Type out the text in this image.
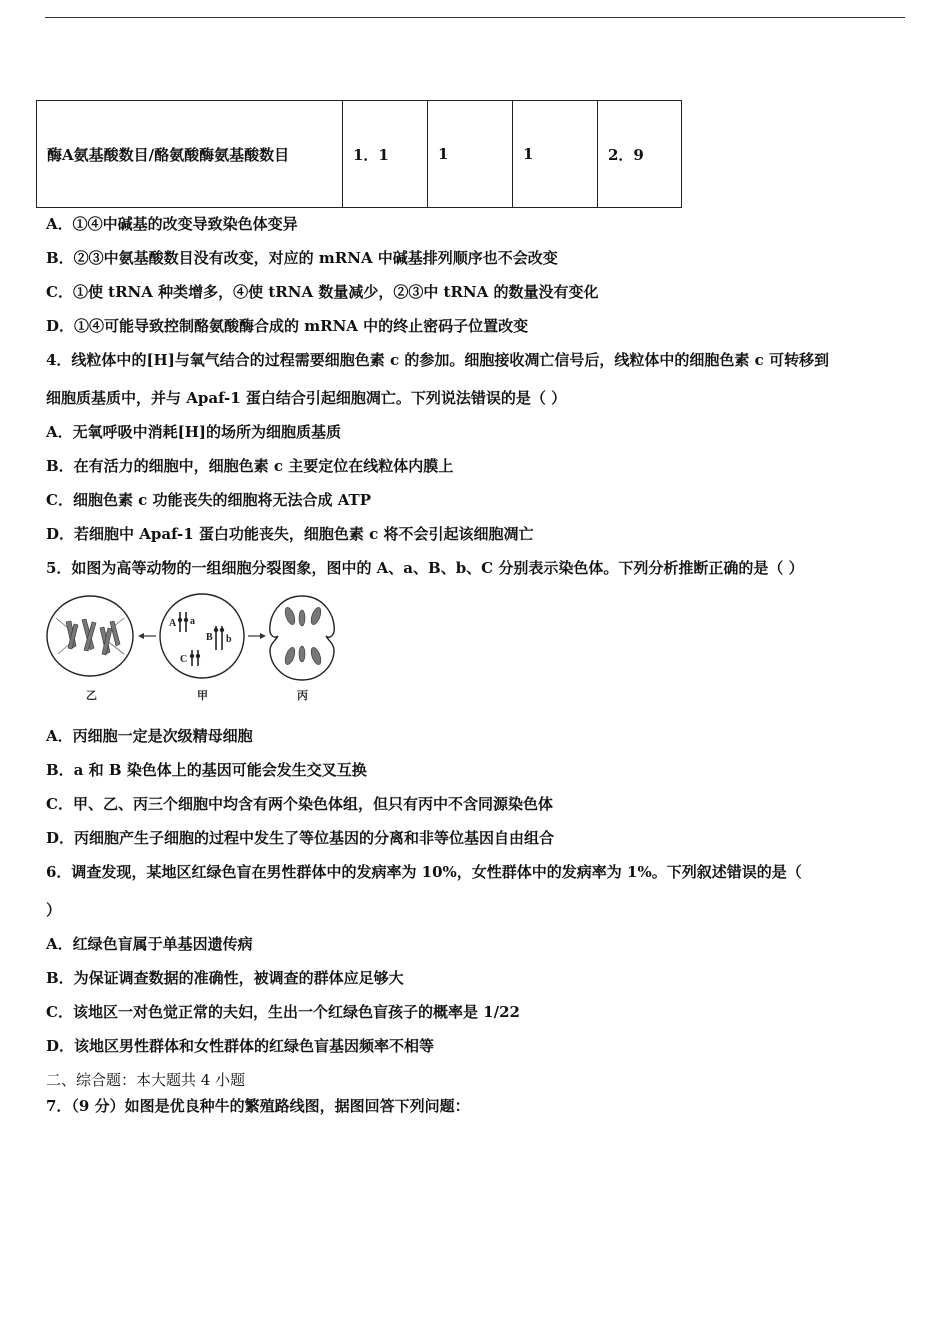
酶A氨基酸数目/酪氨酸酶氨基酸数目	1．1	1	1	2．9
A．①④中碱基的改变导致染色体变异
B．②③中氨基酸数目没有改变，对应的 mRNA 中碱基排列顺序也不会改变
C．①使 tRNA 种类增多，④使 tRNA 数量减少，②③中 tRNA 的数量没有变化
D．①④可能导致控制酪氨酸酶合成的 mRNA 中的终止密码子位置改变
4．线粒体中的[H]与氧气结合的过程需要细胞色素 c 的参加。细胞接收凋亡信号后，线粒体中的细胞色素 c 可转移到
细胞质基质中，并与 Apaf-1 蛋白结合引起细胞凋亡。下列说法错误的是（ ）
A．无氧呼吸中消耗[H]的场所为细胞质基质
B．在有活力的细胞中，细胞色素 c 主要定位在线粒体内膜上
C．细胞色素 c 功能丧失的细胞将无法合成 ATP
D．若细胞中 Apaf-1 蛋白功能丧失，细胞色素 c 将不会引起该细胞凋亡
5．如图为高等动物的一组细胞分裂图象，图中的 A、a、B、b、C 分别表示染色体。下列分析推断正确的是（ ）
A a
B b
C
乙	甲	丙
A．丙细胞一定是次级精母细胞
B．a 和 B 染色体上的基因可能会发生交叉互换
C．甲、乙、丙三个细胞中均含有两个染色体组，但只有丙中不含同源染色体
D．丙细胞产生子细胞的过程中发生了等位基因的分离和非等位基因自由组合
6．调查发现，某地区红绿色盲在男性群体中的发病率为 10%，女性群体中的发病率为 1%。下列叙述错误的是（
）
A．红绿色盲属于单基因遗传病
B．为保证调查数据的准确性，被调查的群体应足够大
C．该地区一对色觉正常的夫妇，生出一个红绿色盲孩子的概率是 1/22
D．该地区男性群体和女性群体的红绿色盲基因频率不相等
二、综合题：本大题共 4 小题
7．（9 分）如图是优良种牛的繁殖路线图，据图回答下列问题：
